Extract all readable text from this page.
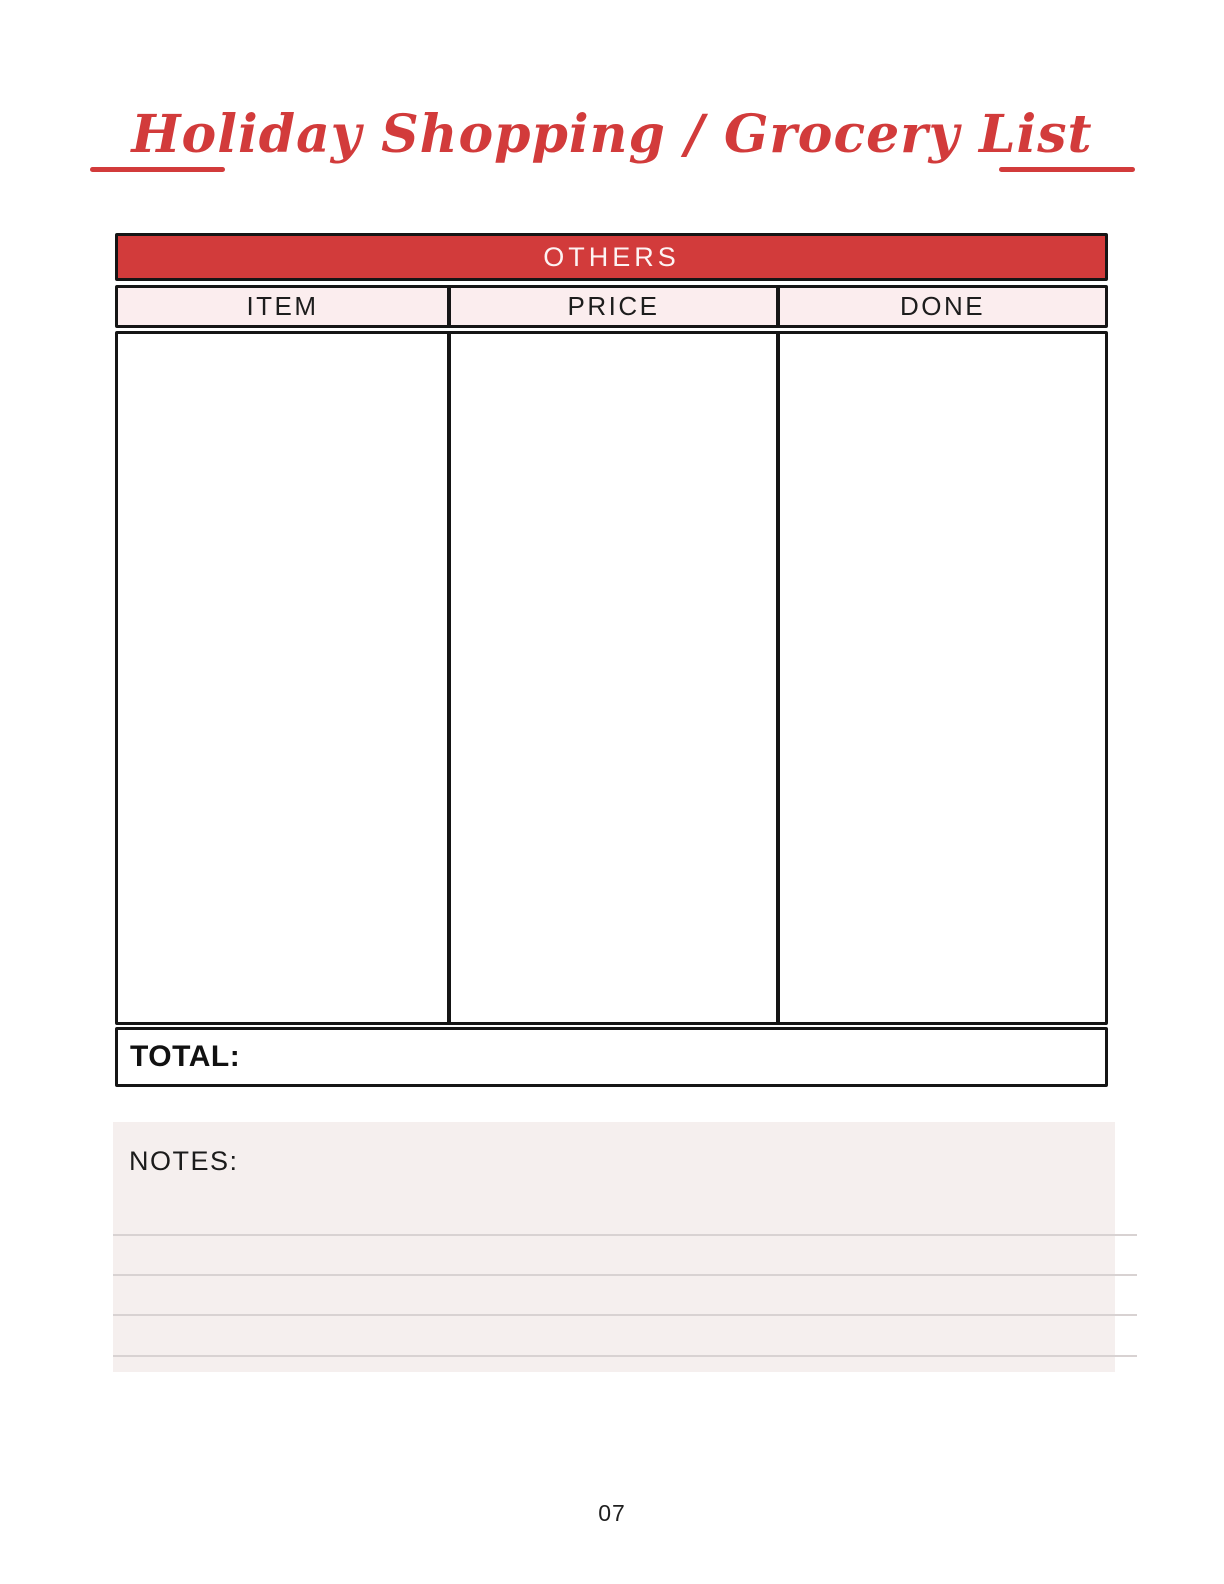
Holiday Shopping / Grocery List
OTHERS
ITEM	PRICE	DONE
TOTAL:
NOTES:
07
